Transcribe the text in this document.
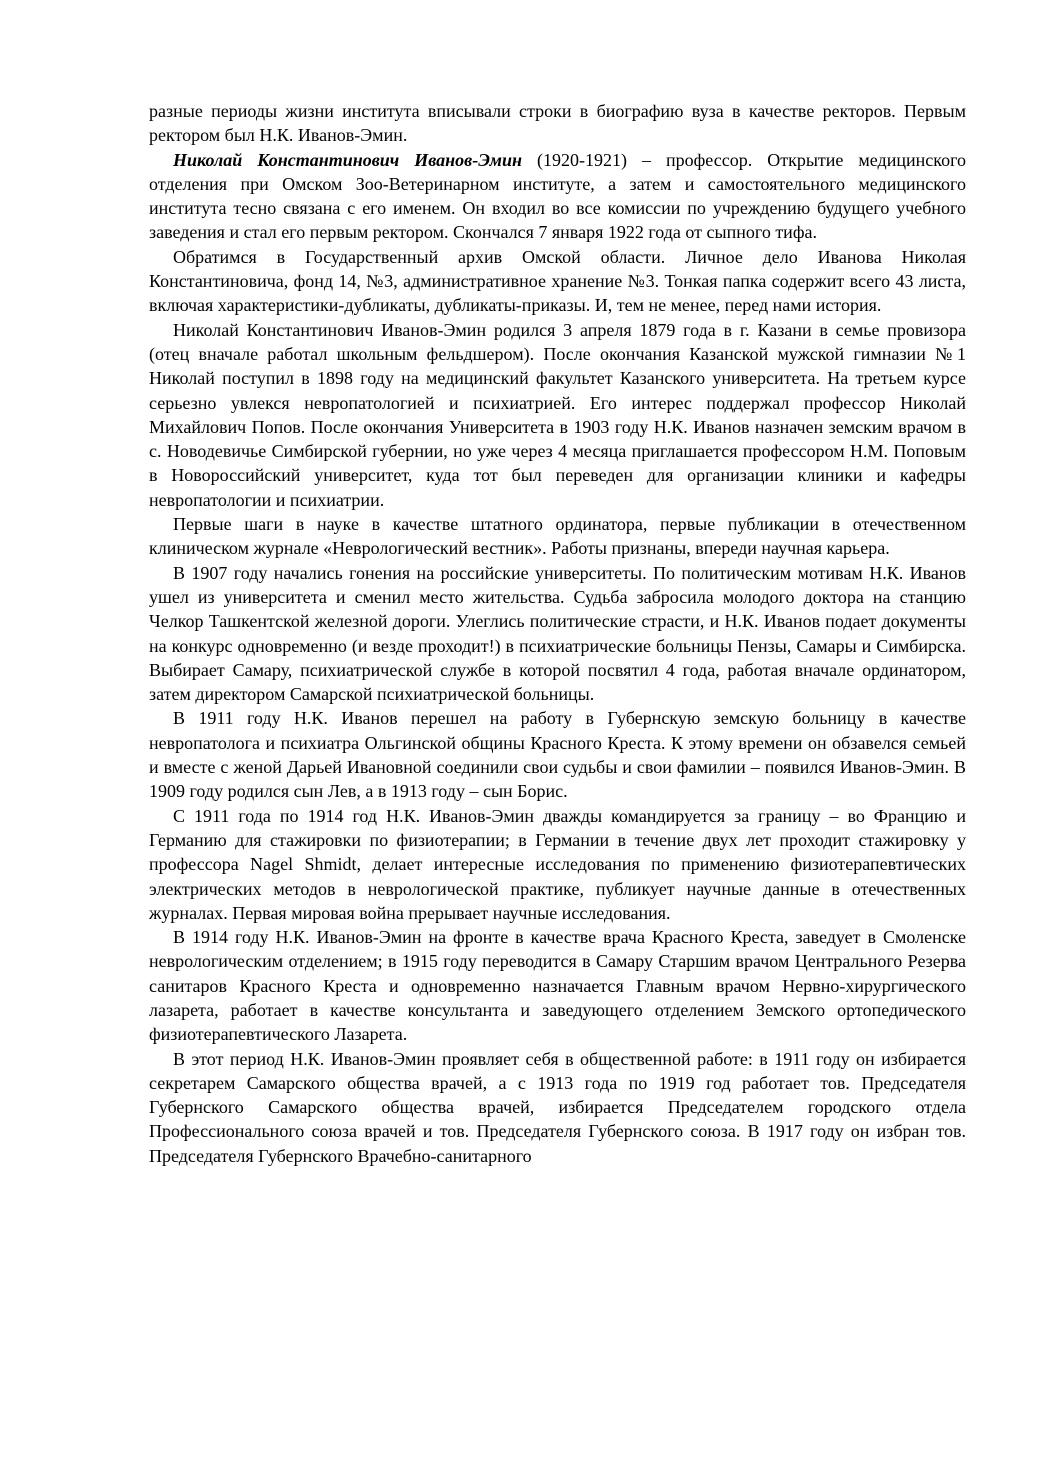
разные периоды жизни института вписывали строки в биографию вуза в качестве ректоров. Первым ректором был Н.К. Иванов-Эмин.

Николай Константинович Иванов-Эмин (1920-1921) – профессор. Открытие медицинского отделения при Омском Зоо-Ветеринарном институте, а затем и самостоятельного медицинского института тесно связана с его именем. Он входил во все комиссии по учреждению будущего учебного заведения и стал его первым ректором. Скончался 7 января 1922 года от сыпного тифа.

Обратимся в Государственный архив Омской области. Личное дело Иванова Николая Константиновича, фонд 14, №3, административное хранение №3. Тонкая папка содержит всего 43 листа, включая характеристики-дубликаты, дубликаты-приказы. И, тем не менее, перед нами история.

Николай Константинович Иванов-Эмин родился 3 апреля 1879 года в г. Казани в семье провизора (отец вначале работал школьным фельдшером). После окончания Казанской мужской гимназии №1 Николай поступил в 1898 году на медицинский факультет Казанского университета. На третьем курсе серьезно увлекся невропатологией и психиатрией. Его интерес поддержал профессор Николай Михайлович Попов. После окончания Университета в 1903 году Н.К. Иванов назначен земским врачом в с. Новодевичье Симбирской губернии, но уже через 4 месяца приглашается профессором Н.М. Поповым в Новороссийский университет, куда тот был переведен для организации клиники и кафедры невропатологии и психиатрии.

Первые шаги в науке в качестве штатного ординатора, первые публикации в отечественном клиническом журнале «Неврологический вестник». Работы признаны, впереди научная карьера.

В 1907 году начались гонения на российские университеты. По политическим мотивам Н.К. Иванов ушел из университета и сменил место жительства. Судьба забросила молодого доктора на станцию Челкор Ташкентской железной дороги. Улеглись политические страсти, и Н.К. Иванов подает документы на конкурс одновременно (и везде проходит!) в психиатрические больницы Пензы, Самары и Симбирска. Выбирает Самару, психиатрической службе в которой посвятил 4 года, работая вначале ординатором, затем директором Самарской психиатрической больницы.

В 1911 году Н.К. Иванов перешел на работу в Губернскую земскую больницу в качестве невропатолога и психиатра Ольгинской общины Красного Креста. К этому времени он обзавелся семьей и вместе с женой Дарьей Ивановной соединили свои судьбы и свои фамилии – появился Иванов-Эмин. В 1909 году родился сын Лев, а в 1913 году – сын Борис.

С 1911 года по 1914 год Н.К. Иванов-Эмин дважды командируется за границу – во Францию и Германию для стажировки по физиотерапии; в Германии в течение двух лет проходит стажировку у профессора Nagel Shmidt, делает интересные исследования по применению физиотерапевтических электрических методов в неврологической практике, публикует научные данные в отечественных журналах. Первая мировая война прерывает научные исследования.

В 1914 году Н.К. Иванов-Эмин на фронте в качестве врача Красного Креста, заведует в Смоленске неврологическим отделением; в 1915 году переводится в Самару Старшим врачом Центрального Резерва санитаров Красного Креста и одновременно назначается Главным врачом Нервно-хирургического лазарета, работает в качестве консультанта и заведующего отделением Земского ортопедического физиотерапевтического Лазарета.

В этот период Н.К. Иванов-Эмин проявляет себя в общественной работе: в 1911 году он избирается секретарем Самарского общества врачей, а с 1913 года по 1919 год работает тов. Председателя Губернского Самарского общества врачей, избирается Председателем городского отдела Профессионального союза врачей и тов. Председателя Губернского союза. В 1917 году он избран тов. Председателя Губернского Врачебно-санитарного
